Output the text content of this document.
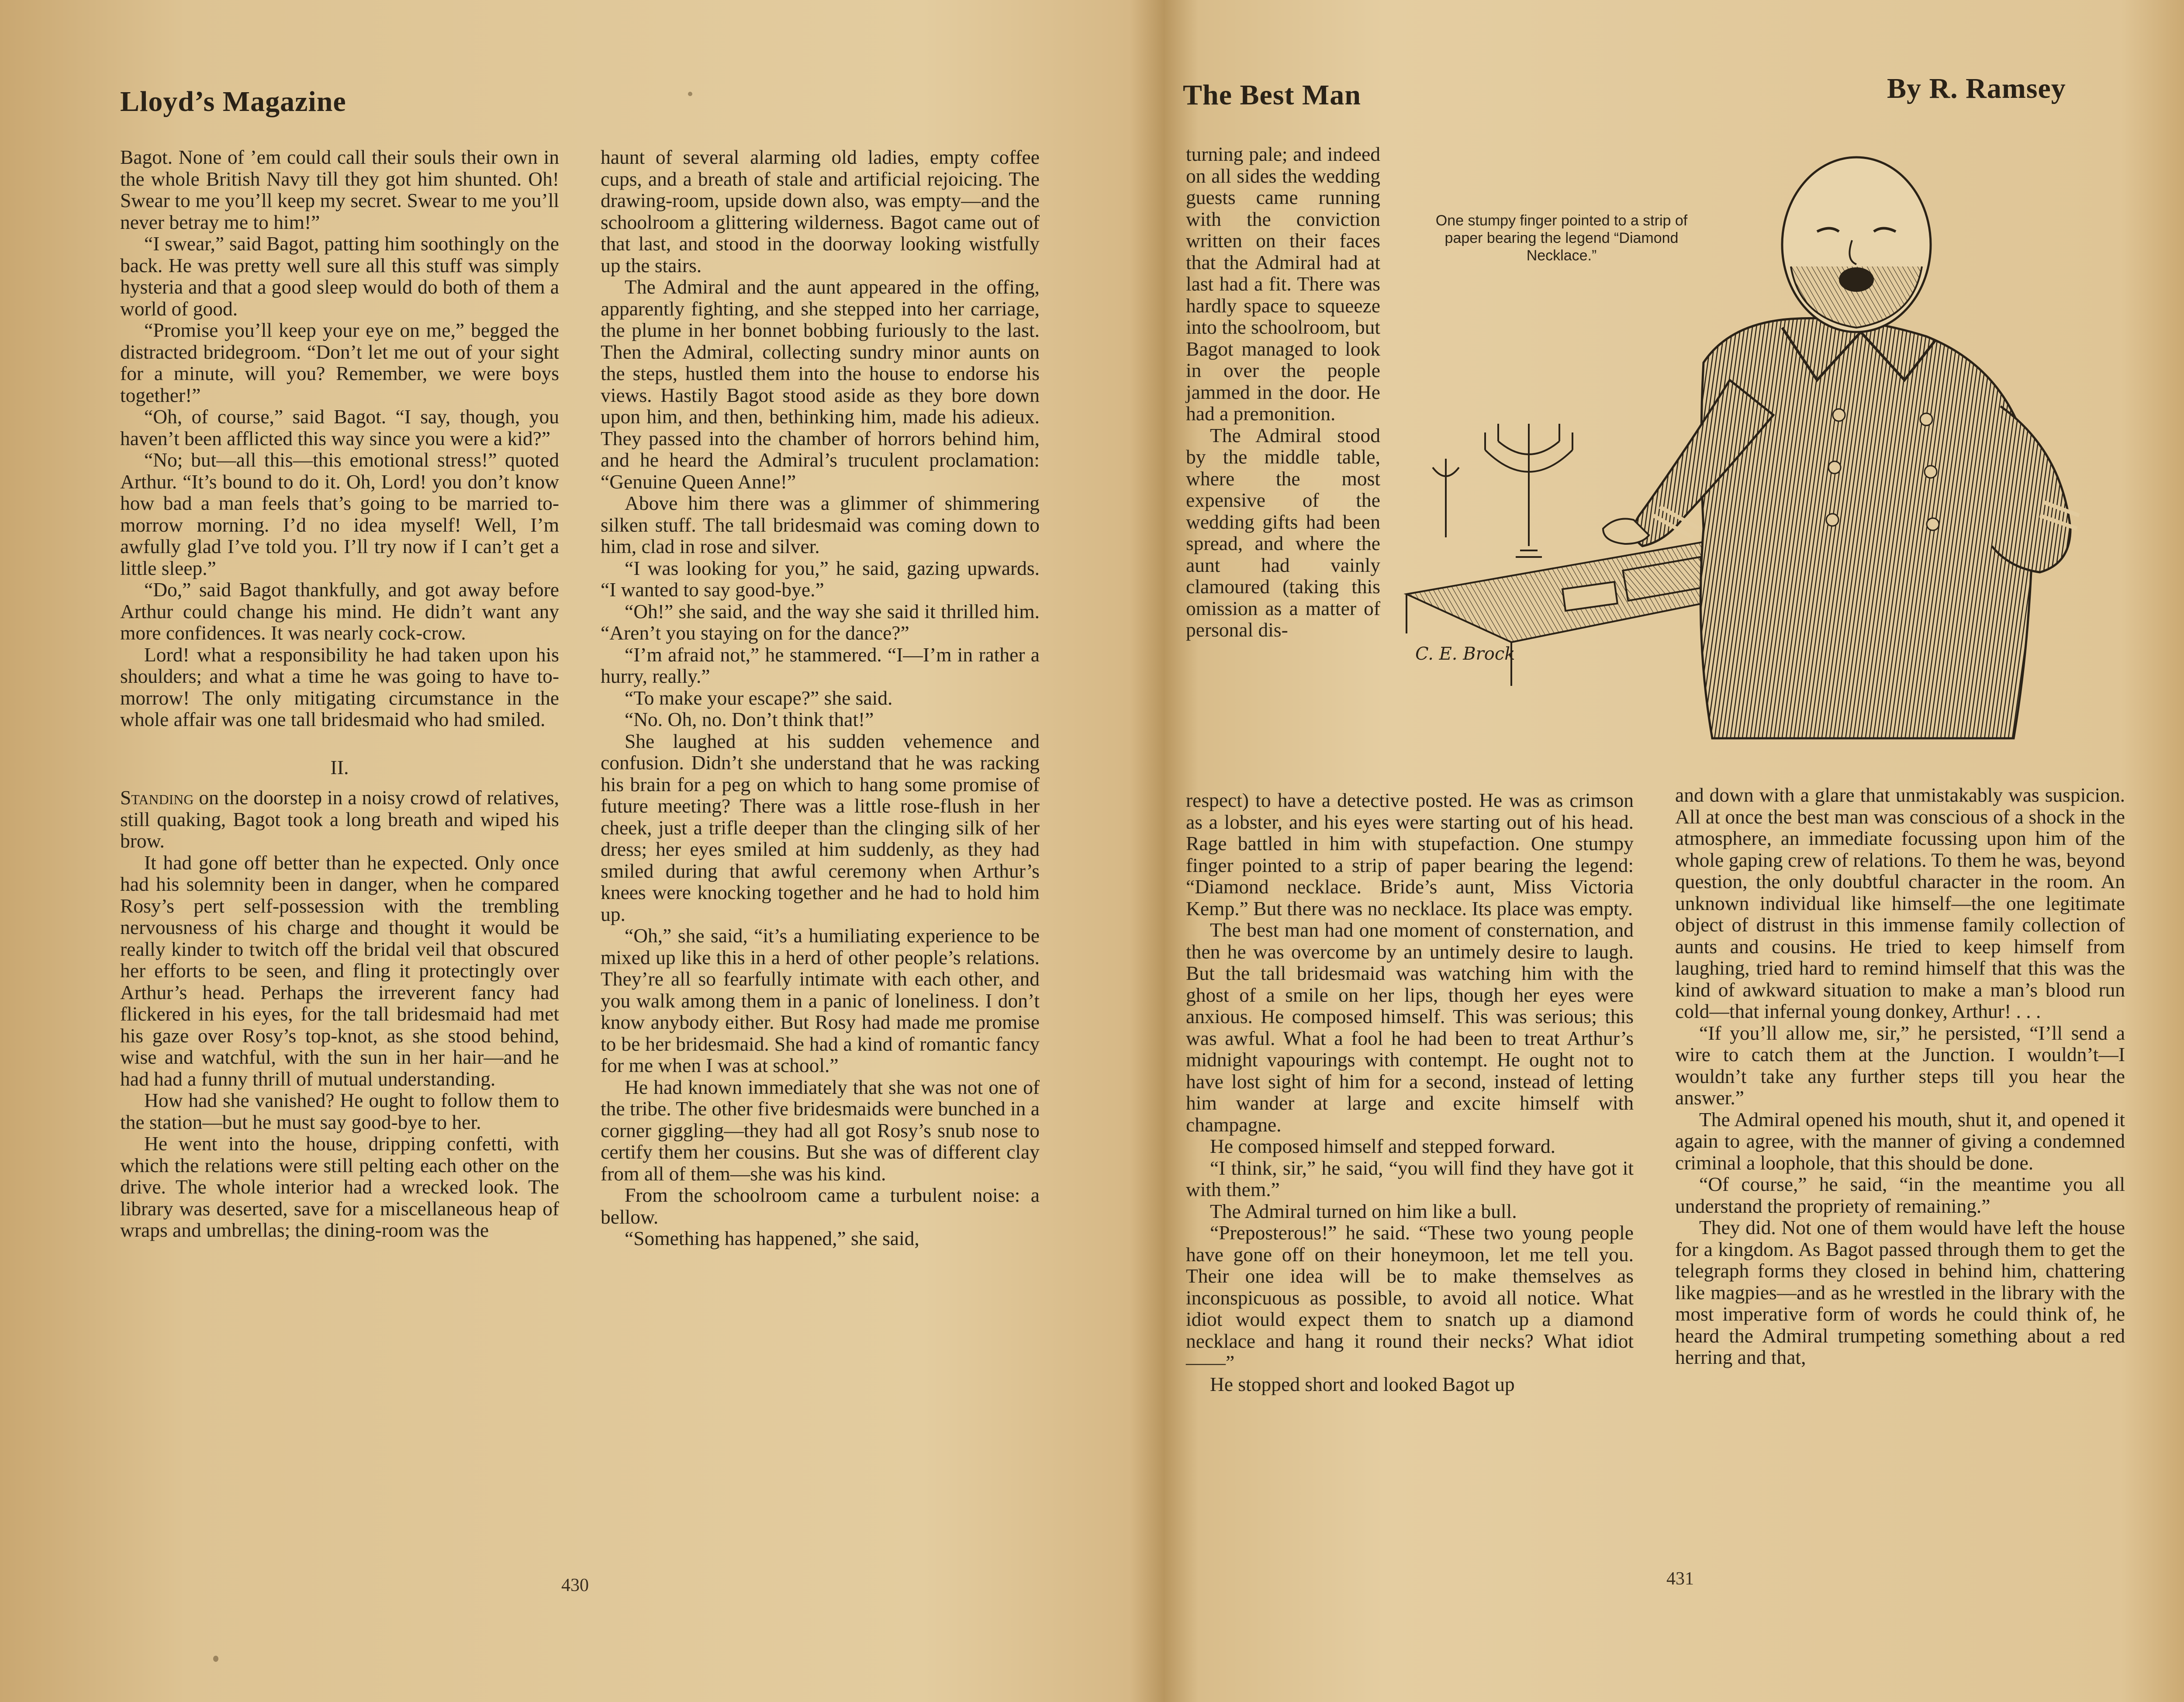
Lloyd’s Magazine

Bagot. None of ’em could call their souls their own in the whole British Navy till they got him shunted. Oh! Swear to me you’ll keep my secret. Swear to me you’ll never betray me to him!”

“I swear,” said Bagot, patting him soothingly on the back. He was pretty well sure all this stuff was simply hysteria and that a good sleep would do both of them a world of good.

“Promise you’ll keep your eye on me,” begged the distracted bridegroom. “Don’t let me out of your sight for a minute, will you? Remember, we were boys together!”

“Oh, of course,” said Bagot. “I say, though, you haven’t been afflicted this way since you were a kid?”

“No; but—all this—this emotional stress!” quoted Arthur. “It’s bound to do it. Oh, Lord! you don’t know how bad a man feels that’s going to be married to-morrow morning. I’d no idea myself! Well, I’m awfully glad I’ve told you. I’ll try now if I can’t get a little sleep.”

“Do,” said Bagot thankfully, and got away before Arthur could change his mind. He didn’t want any more confidences. It was nearly cock-crow.

Lord! what a responsibility he had taken upon his shoulders; and what a time he was going to have to-morrow! The only mitigating circumstance in the whole affair was one tall bridesmaid who had smiled.

II.

Standing on the doorstep in a noisy crowd of relatives, still quaking, Bagot took a long breath and wiped his brow.

It had gone off better than he expected. Only once had his solemnity been in danger, when he compared Rosy’s pert self-possession with the trembling nervousness of his charge and thought it would be really kinder to twitch off the bridal veil that obscured her efforts to be seen, and fling it protectingly over Arthur’s head. Perhaps the irreverent fancy had flickered in his eyes, for the tall bridesmaid had met his gaze over Rosy’s top-knot, as she stood behind, wise and watchful, with the sun in her hair—and he had had a funny thrill of mutual understanding.

How had she vanished? He ought to follow them to the station—but he must say good-bye to her.

He went into the house, dripping confetti, with which the relations were still pelting each other on the drive. The whole interior had a wrecked look. The library was deserted, save for a miscellaneous heap of wraps and umbrellas; the dining-room was the

haunt of several alarming old ladies, empty coffee cups, and a breath of stale and artificial rejoicing. The drawing-room, upside down also, was empty—and the schoolroom a glittering wilderness. Bagot came out of that last, and stood in the doorway looking wistfully up the stairs.

The Admiral and the aunt appeared in the offing, apparently fighting, and she stepped into her carriage, the plume in her bonnet bobbing furiously to the last. Then the Admiral, collecting sundry minor aunts on the steps, hustled them into the house to endorse his views. Hastily Bagot stood aside as they bore down upon him, and then, bethinking him, made his adieux. They passed into the chamber of horrors behind him, and he heard the Admiral’s truculent proclamation: “Genuine Queen Anne!”

Above him there was a glimmer of shimmering silken stuff. The tall bridesmaid was coming down to him, clad in rose and silver.

“I was looking for you,” he said, gazing upwards. “I wanted to say good-bye.”

“Oh!” she said, and the way she said it thrilled him. “Aren’t you staying on for the dance?”

“I’m afraid not,” he stammered. “I—I’m in rather a hurry, really.”

“To make your escape?” she said.

“No. Oh, no. Don’t think that!”

She laughed at his sudden vehemence and confusion. Didn’t she understand that he was racking his brain for a peg on which to hang some promise of future meeting? There was a little rose-flush in her cheek, just a trifle deeper than the clinging silk of her dress; her eyes smiled at him suddenly, as they had smiled during that awful ceremony when Arthur’s knees were knocking together and he had to hold him up.

“Oh,” she said, “it’s a humiliating experience to be mixed up like this in a herd of other people’s relations. They’re all so fearfully intimate with each other, and you walk among them in a panic of loneliness. I don’t know anybody either. But Rosy had made me promise to be her bridesmaid. She had a kind of romantic fancy for me when I was at school.”

He had known immediately that she was not one of the tribe. The other five bridesmaids were bunched in a corner giggling—they had all got Rosy’s snub nose to certify them her cousins. But she was of different clay from all of them—she was his kind.

From the schoolroom came a turbulent noise: a bellow.

“Something has happened,” she said,

430
The Best Man	By R. Ramsey
431
C. E. Brock
One stumpy finger pointed to a strip of paper bearing the legend “Diamond Necklace.”

turning pale; and indeed on all sides the wedding guests came running with the conviction written on their faces that the Admiral had at last had a fit. There was hardly space to squeeze into the schoolroom, but Bagot managed to look in over the people jammed in the door. He had a premonition.

The Admiral stood by the middle table, where the most expensive of the wedding gifts had been spread, and where the aunt had vainly clamoured (taking this omission as a matter of personal dis-

respect) to have a detective posted. He was as crimson as a lobster, and his eyes were starting out of his head. Rage battled in him with stupefaction. One stumpy finger pointed to a strip of paper bearing the legend: “Diamond necklace. Bride’s aunt, Miss Victoria Kemp.” But there was no necklace. Its place was empty.

The best man had one moment of consternation, and then he was overcome by an untimely desire to laugh. But the tall bridesmaid was watching him with the ghost of a smile on her lips, though her eyes were anxious. He composed himself. This was serious; this was awful. What a fool he had been to treat Arthur’s midnight vapourings with contempt. He ought not to have lost sight of him for a second, instead of letting him wander at large and excite himself with champagne.

He composed himself and stepped forward.

“I think, sir,” he said, “you will find they have got it with them.”

The Admiral turned on him like a bull.

“Preposterous!” he said. “These two young people have gone off on their honeymoon, let me tell you. Their one idea will be to make themselves as inconspicuous as possible, to avoid all notice. What idiot would expect them to snatch up a diamond necklace and hang it round their necks? What idiot——”

He stopped short and looked Bagot up

and down with a glare that unmistakably was suspicion. All at once the best man was conscious of a shock in the atmosphere, an immediate focussing upon him of the whole gaping crew of relations. To them he was, beyond question, the only doubtful character in the room. An unknown individual like himself—the one legitimate object of distrust in this immense family collection of aunts and cousins. He tried to keep himself from laughing, tried hard to remind himself that this was the kind of awkward situation to make a man’s blood run cold—that infernal young donkey, Arthur! . . .

“If you’ll allow me, sir,” he persisted, “I’ll send a wire to catch them at the Junction. I wouldn’t—I wouldn’t take any further steps till you hear the answer.”

The Admiral opened his mouth, shut it, and opened it again to agree, with the manner of giving a condemned criminal a loophole, that this should be done.

“Of course,” he said, “in the meantime you all understand the propriety of remaining.”

They did. Not one of them would have left the house for a kingdom. As Bagot passed through them to get the telegraph forms they closed in behind him, chattering like magpies—and as he wrestled in the library with the most imperative form of words he could think of, he heard the Admiral trumpeting something about a red herring and that,
